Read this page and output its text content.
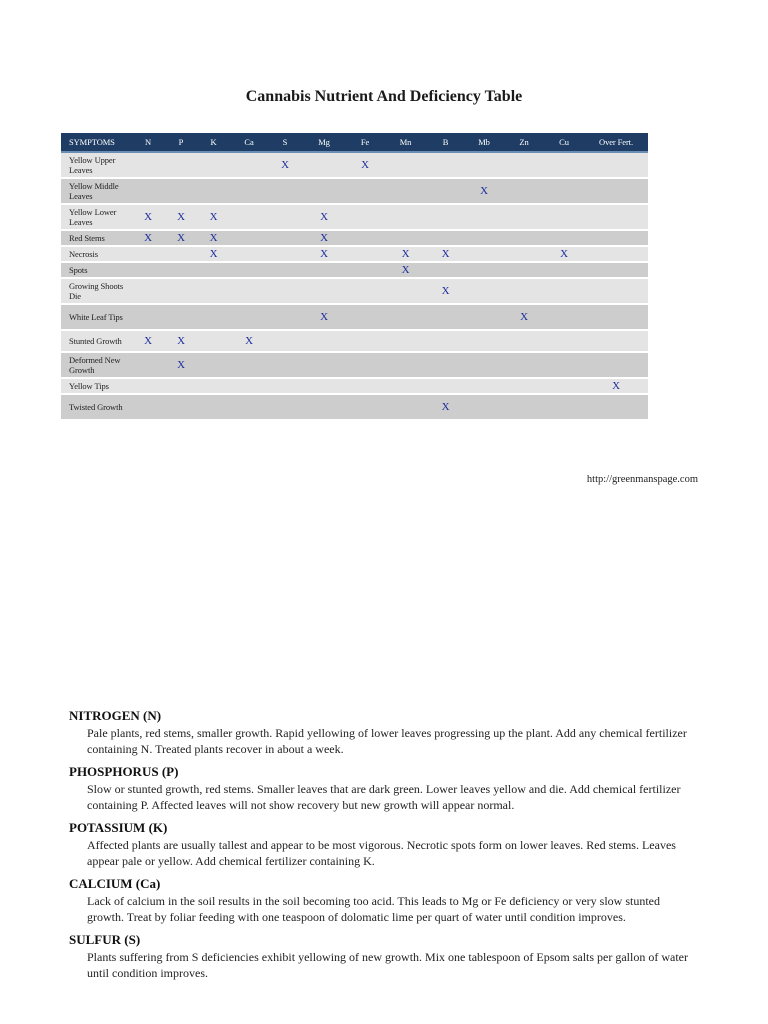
Cannabis Nutrient And Deficiency Table
SYMPTOMS	N	P	K	Ca	S	Mg	Fe	Mn	B	Mb	Zn	Cu	Over Fert.
Yellow Upper Leaves					X		X						
Yellow Middle Leaves										X			
Yellow Lower Leaves	X	X	X			X							
Red Stems	X	X	X			X							
Necrosis			X			X		X	X			X	
Spots								X					
Growing Shoots Die									X				
White Leaf Tips						X					X		
Stunted Growth	X	X		X									
Deformed New Growth		X											
Yellow Tips													X
Twisted Growth									X				
http://greenmanspage.com
NITROGEN (N)

Pale plants, red stems, smaller growth. Rapid yellowing of lower leaves progressing up the plant. Add any chemical fertilizer containing N. Treated plants recover in about a week.

PHOSPHORUS (P)

Slow or stunted growth, red stems. Smaller leaves that are dark green. Lower leaves yellow and die. Add chemical fertilizer containing P. Affected leaves will not show recovery but new growth will appear normal.

POTASSIUM (K)

Affected plants are usually tallest and appear to be most vigorous. Necrotic spots form on lower leaves. Red stems. Leaves appear pale or yellow. Add chemical fertilizer containing K.

CALCIUM (Ca)

Lack of calcium in the soil results in the soil becoming too acid. This leads to Mg or Fe deficiency or very slow stunted growth. Treat by foliar feeding with one teaspoon of dolomatic lime per quart of water until condition improves.

SULFUR (S)

Plants suffering from S deficiencies exhibit yellowing of new growth. Mix one tablespoon of Epsom salts per gallon of water until condition improves.
